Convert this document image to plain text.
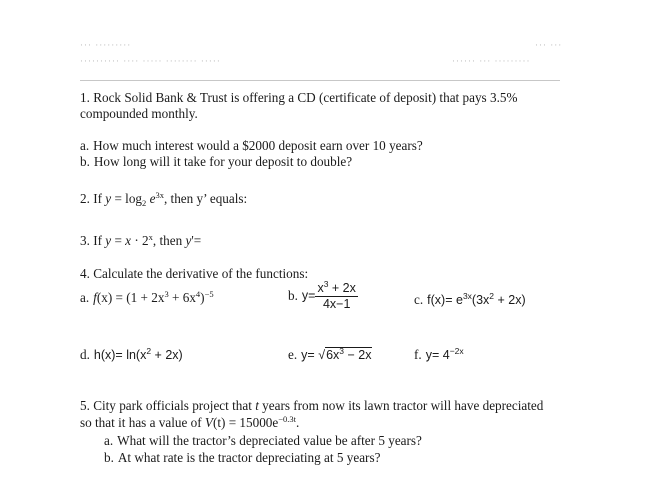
··· ·········
·········· ···· ····· ········ ·····	······ ··· ·········
··· ···
1. Rock Solid Bank & Trust is offering a CD (certificate of deposit) that pays 3.5%
compounded monthly.
a. How much interest would a $2000 deposit earn over 10 years?
b. How long will it take for your deposit to double?
2. If $y = \log_2 e^{3x}$, then y’ equals:
3. If $y = x \cdot 2^x$, then y'=
4. Calculate the derivative of the functions:
a. $f(x) = (1 + 2x^3 + 6x^4)^{-5}$	b. $y= \frac{x^3 + 2x}{4x-1}$	c. $f(x)= e^{3x}(3x^2 + 2x)$
d. $h(x)= \ln(x^2 + 2x)$	e. $y= √6x^3 - 2x$	f. $y= 4^{-2x}$
5. City park officials project that t years from now its lawn tractor will have depreciated
so that it has a value of $V(t) = 15000e^{-0.3t}$.
a. What will the tractor’s depreciated value be after 5 years?
b. At what rate is the tractor depreciating at 5 years?
